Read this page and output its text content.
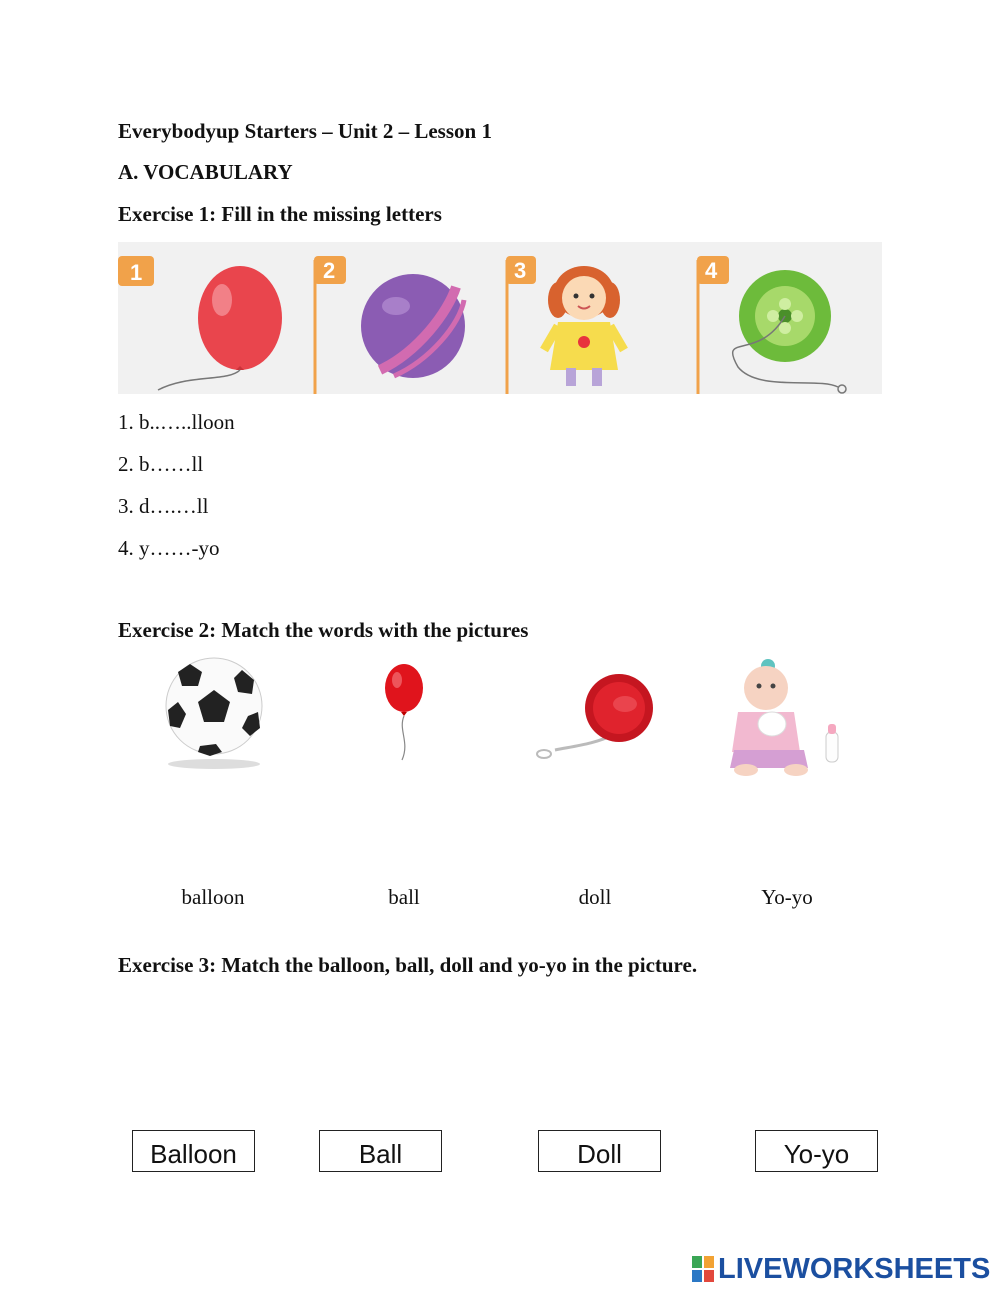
Everybodyup Starters – Unit 2 – Lesson 1
A. VOCABULARY
Exercise 1: Fill in the missing letters
1	2	3	4
1. b..…..lloon
2. b……ll
3. d….…ll
4. y……-yo
Exercise 2: Match the words with the pictures
balloon	ball	doll	Yo-yo
Exercise 3: Match the balloon, ball, doll and yo-yo in the picture.
Balloon	Ball	Doll	Yo-yo
LIVEWORKSHEETS
